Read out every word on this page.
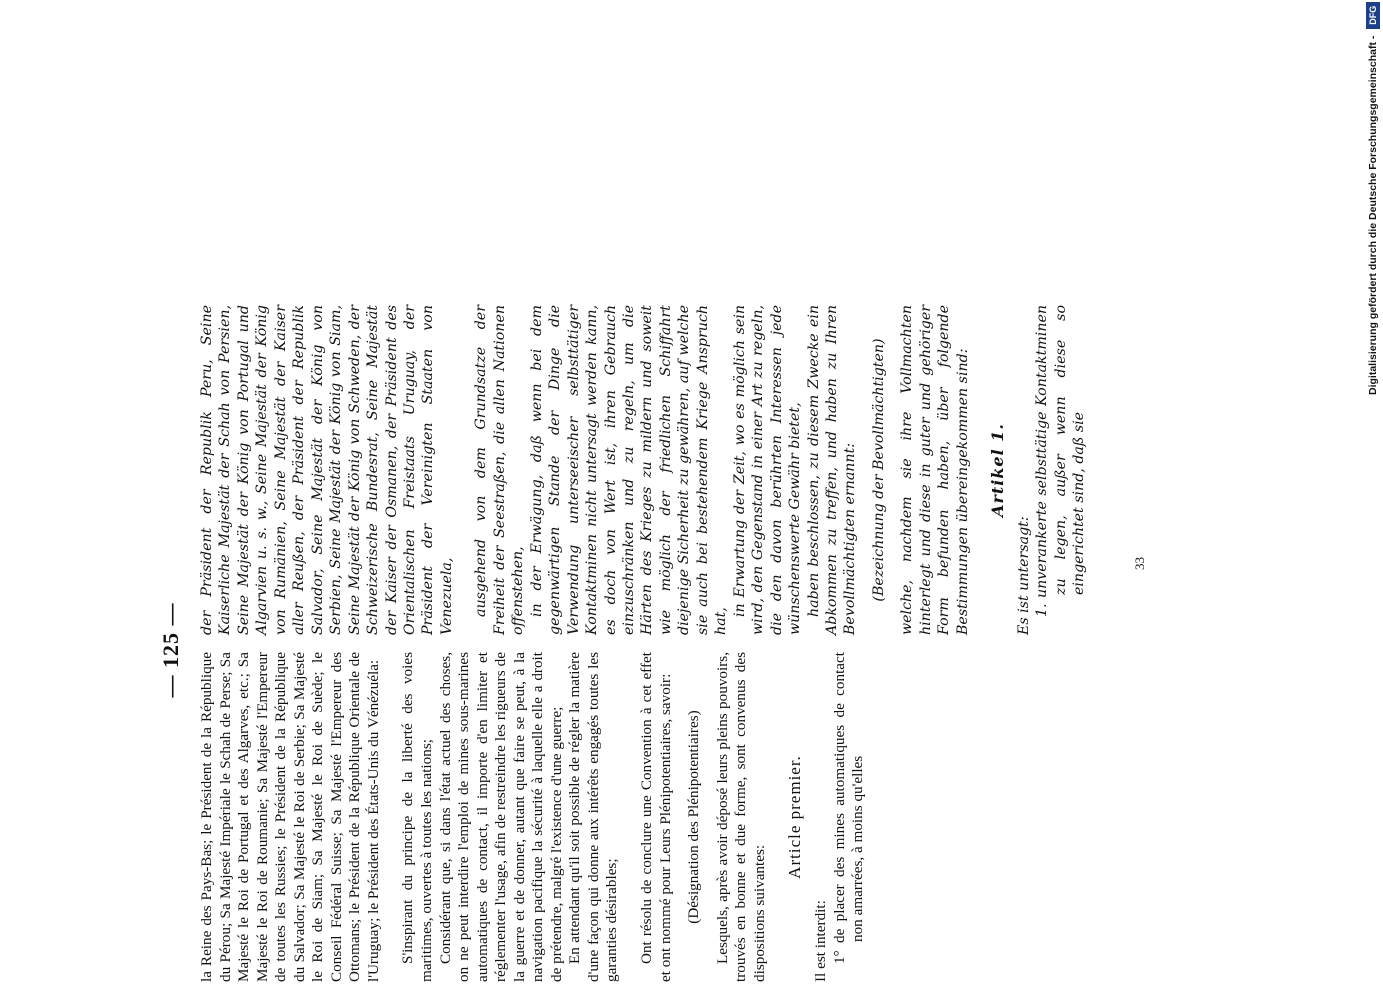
— 125 —

la Reine des Pays-Bas; le Président de la République du Pérou; Sa Majesté Impériale le Schah de Perse; Sa Majesté le Roi de Portugal et des Algarves, etc.; Sa Majesté le Roi de Roumanie; Sa Majesté l'Empereur de toutes les Russies; le Président de la République du Salvador; Sa Majesté le Roi de Serbie; Sa Majesté le Roi de Siam; Sa Majesté le Roi de Suède; le Conseil Fédéral Suisse; Sa Majesté l'Empereur des Ottomans; le Président de la République Orientale de l'Uruguay; le Président des États-Unis du Vénézuéla: S'inspirant du principe de la liberté des voies maritimes, ouvertes à toutes les nations; Considérant que, si dans l'état actuel des choses, on ne peut interdire l'emploi de mines sous-marines automatiques de contact, il importe d'en limiter et réglementer l'usage, afin de restreindre les rigueurs de la guerre et de donner, autant que faire se peut, à la navigation pacifique la sécurité à laquelle elle a droit de prétendre, malgré l'existence d'une guerre; En attendant qu'il soit possible de régler la matière d'une façon qui donne aux intérêts engagés toutes les garanties désirables; Ont résolu de conclure une Convention à cet effet et ont nommé pour Leurs Plénipotentiaires, savoir: (Désignation des Plénipotentiaires) Lesquels, après avoir déposé leurs pleins pouvoirs, trouvés en bonne et due forme, sont convenus des dispositions suivantes:

Article premier.

Il est interdit: 1° de placer des mines automatiques de contact non amarrées, à moins qu'elles

der Präsident der Republik Peru, Seine Kaiserliche Majestät der Schah von Persien, Seine Majestät der König von Portugal und Algarvien u. s. w., Seine Majestät der König von Rumänien, Seine Majestät der Kaiser aller Reußen, der Präsident der Republik Salvador, Seine Majestät der König von Serbien, Seine Majestät der König von Siam, Seine Majestät der König von Schweden, der Schweizerische Bundesrat, Seine Majestät der Kaiser der Osmanen, der Präsident des Orientalischen Freistaats Uruguay, der Präsident der Vereinigten Staaten von Venezuela, ausgehend von dem Grundsatze der Freiheit der Seestraßen, die allen Nationen offenstehen, in der Erwägung, daß wenn bei dem gegenwärtigen Stande der Dinge die Verwendung unterseeischer selbsttätiger Kontaktminen nicht untersagt werden kann, es doch von Wert ist, ihren Gebrauch einzuschränken und zu regeln, um die Härten des Krieges zu mildern und soweit wie möglich der friedlichen Schiffahrt diejenige Sicherheit zu gewähren, auf welche sie auch bei bestehendem Kriege Anspruch hat,

in Erwartung der Zeit, wo es möglich sein wird, den Gegenstand in einer Art zu regeln, die den davon berührten Interessen jede wünschenswerte Gewähr bietet, haben beschlossen, zu diesem Zwecke ein Abkommen zu treffen, und haben zu Ihren Bevollmächtigten ernannt: (Bezeichnung der Bevollmächtigten) welche, nachdem sie ihre Vollmachten hinterlegt und diese in guter und gehöriger Form befunden haben, über folgende Bestimmungen übereingekommen sind: Artikel 1.

Es ist untersagt: 1. unverankerte selbsttätige Kontaktminen zu legen, außer wenn diese so eingerichtet sind, daß sie	33
Digitalisierung gefördert durch die Deutsche Forschungsgemeinschaft - DFG
